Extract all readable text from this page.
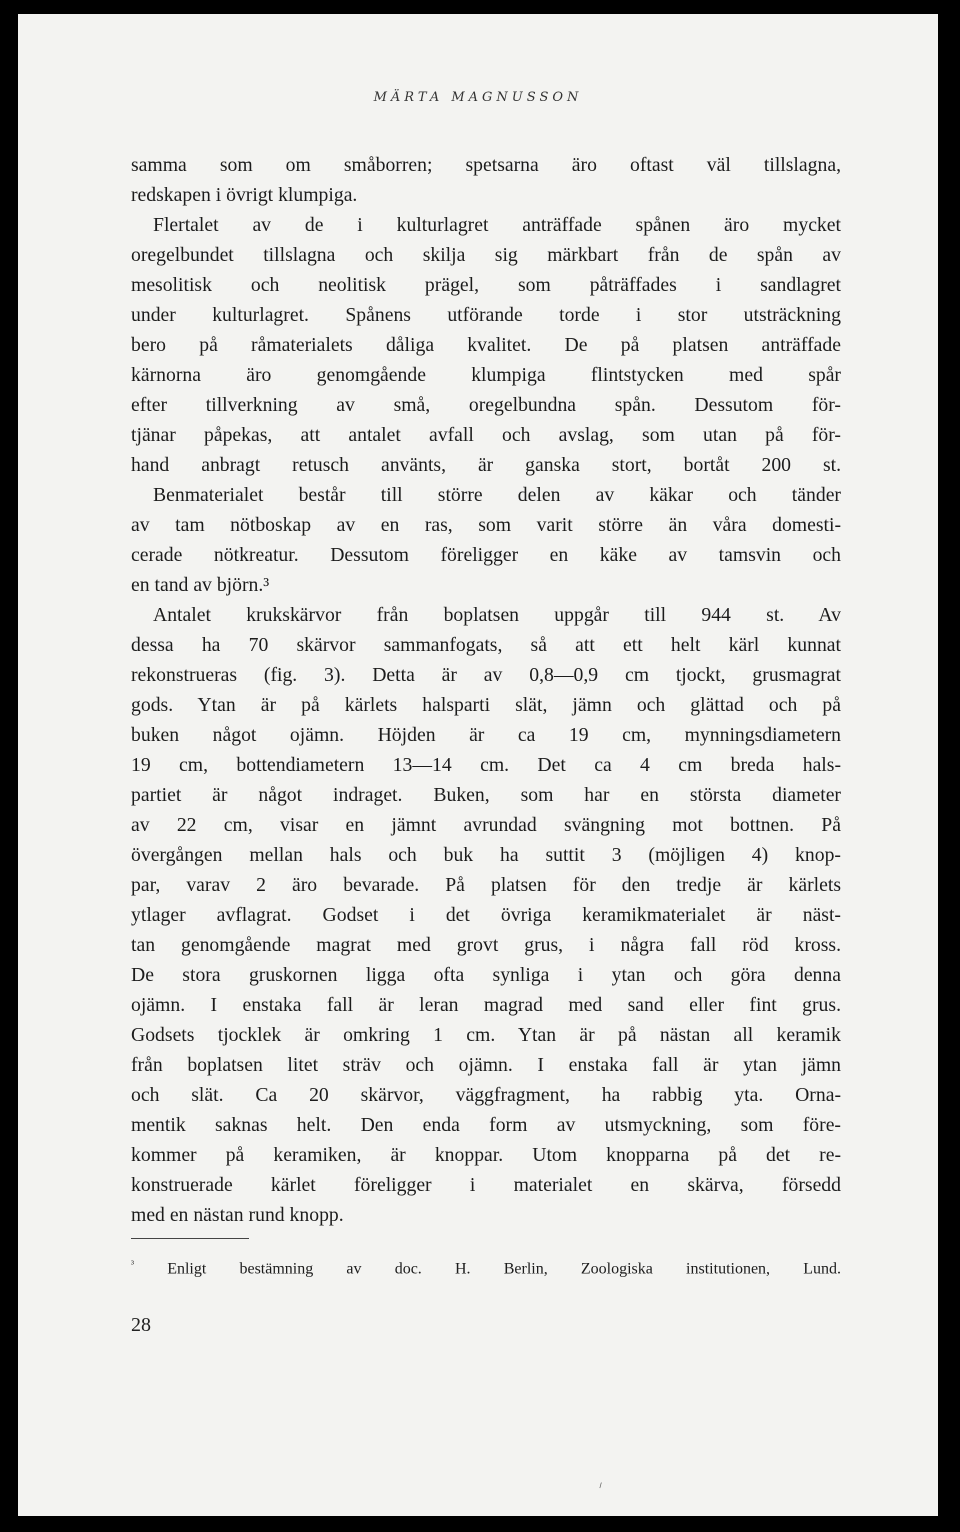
MÄRTA MAGNUSSON
samma som om småborren; spetsarna äro oftast väl tillslagna,
redskapen i övrigt klumpiga.
Flertalet av de i kulturlagret anträffade spånen äro mycket
oregelbundet tillslagna och skilja sig märkbart från de spån av
mesolitisk och neolitisk prägel, som påträffades i sandlagret
under kulturlagret. Spånens utförande torde i stor utsträckning
bero på råmaterialets dåliga kvalitet. De på platsen anträffade
kärnorna äro genomgående klumpiga flintstycken med spår
efter tillverkning av små, oregelbundna spån. Dessutom för-
tjänar påpekas, att antalet avfall och avslag, som utan på för-
hand anbragt retusch använts, är ganska stort, bortåt 200 st.
Benmaterialet består till större delen av käkar och tänder
av tam nötboskap av en ras, som varit större än våra domesti-
cerade nötkreatur. Dessutom föreligger en käke av tamsvin och
en tand av björn.³
Antalet krukskärvor från boplatsen uppgår till 944 st. Av
dessa ha 70 skärvor sammanfogats, så att ett helt kärl kunnat
rekonstrueras (fig. 3). Detta är av 0,8—0,9 cm tjockt, grusmagrat
gods. Ytan är på kärlets halsparti slät, jämn och glättad och på
buken något ojämn. Höjden är ca 19 cm, mynningsdiametern
19 cm, bottendiametern 13—14 cm. Det ca 4 cm breda hals-
partiet är något indraget. Buken, som har en största diameter
av 22 cm, visar en jämnt avrundad svängning mot bottnen. På
övergången mellan hals och buk ha suttit 3 (möjligen 4) knop-
par, varav 2 äro bevarade. På platsen för den tredje är kärlets
ytlager avflagrat. Godset i det övriga keramikmaterialet är näst-
tan genomgående magrat med grovt grus, i några fall röd kross.
De stora gruskornen ligga ofta synliga i ytan och göra denna
ojämn. I enstaka fall är leran magrad med sand eller fint grus.
Godsets tjocklek är omkring 1 cm. Ytan är på nästan all keramik
från boplatsen litet sträv och ojämn. I enstaka fall är ytan jämn
och slät. Ca 20 skärvor, väggfragment, ha rabbig yta. Orna-
mentik saknas helt. Den enda form av utsmyckning, som före-
kommer på keramiken, är knoppar. Utom knopparna på det re-
konstruerade kärlet föreligger i materialet en skärva, försedd
med en nästan rund knopp.
$^{^3}$ Enligt bestämning av doc. H. Berlin, Zoologiska institutionen, Lund.
28
⸝
